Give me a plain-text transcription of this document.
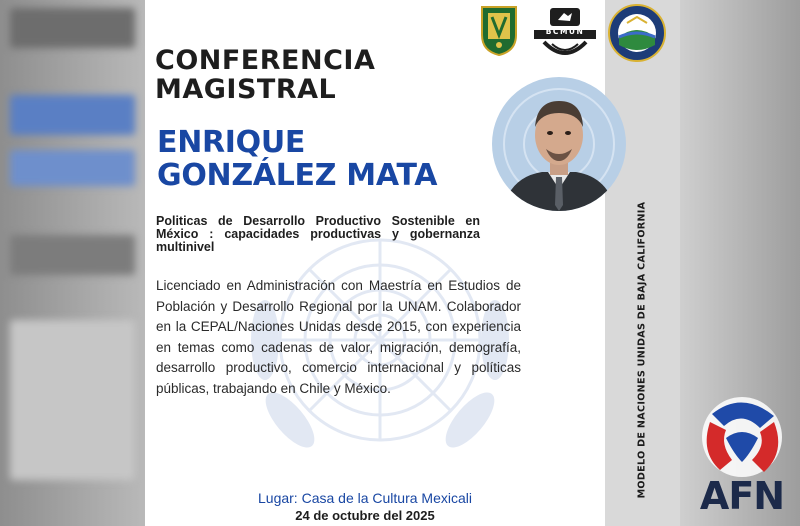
CONFERENCIA
MAGISTRAL
ENRIQUE
GONZÁLEZ MATA

Politicas de Desarrollo Productivo Sostenible en México : capacidades productivas y gobernanza multinivel

Licenciado en Administración con Maestría en Estudios de Población y Desarrollo Regional por la UNAM. Colaborador en la CEPAL/Naciones Unidas desde 2015, con experiencia en temas como cadenas de valor, migración, demografía, desarrollo productivo, comercio internacional y políticas públicas, trabajando en Chile y México.

Lugar: Casa de la Cultura Mexicali

24 de octubre del 2025

MODELO DE NACIONES UNIDAS DE BAJA CALIFORNIA
BCMUN
AFN
